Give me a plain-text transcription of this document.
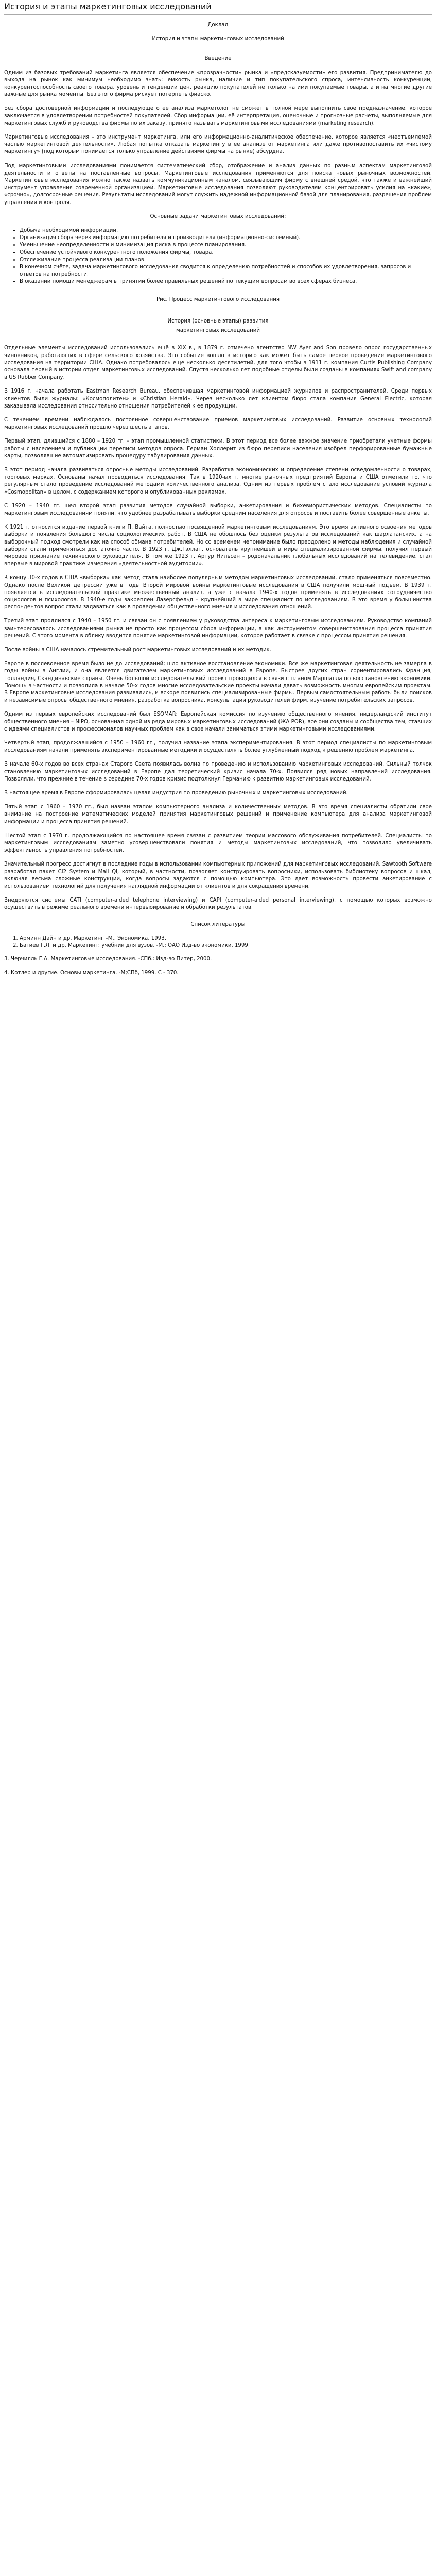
История и этапы маркетинговых исследований
Доклад
История и этапы маркетинговых исследований
Введение

Одним из базовых требований маркетинга является обеспечение «прозрачности» рынка и «предсказуемости» его развития. Предпринимателю до выхода на рынок как минимум необходимо знать: емкость рынка, наличие и тип покупательского спроса, интенсивность конкуренции, конкурентоспособность своего товара, уровень и тенденции цен, реакцию покупателей не только на ими покупаемые товары, а и на многие другие важные для рынка моменты. Без этого фирма рискует потерпеть фиаско.

Без сбора достоверной информации и последующего её анализа маркетолог не сможет в полной мере выполнить свое предназначение, которое заключается в удовлетворении потребностей покупателей. Сбор информации, её интерпретация, оценочные и прогнозные расчеты, выполняемые для маркетинговых служб и руководства фирмы по их заказу, принято называть маркетинговыми исследованиями (marketing research).

Маркетинговые исследования – это инструмент маркетинга, или его информационно-аналитическое обеспечение, которое является «неотъемлемой частью маркетинговой деятельности». Любая попытка отказать маркетингу в её анализе от маркетинга или даже противопоставить их «чистому маркетингу» (под которым понимается только управление действиями фирмы на рынке) абсурдна.

Под маркетинговыми исследованиями понимается систематический сбор, отображение и анализ данных по разным аспектам маркетинговой деятельности и ответы на поставленные вопросы. Маркетинговые исследования применяются для поиска новых рыночных возможностей. Маркетинговые исследования можно также назвать коммуникационным каналом, связывающим фирму с внешней средой, что также и важнейший инструмент управления современной организацией. Маркетинговые исследования позволяют руководителям концентрировать усилия на «какие», «срочно», долгосрочные решения. Результаты исследований могут служить надежной информационной базой для планирования, разрешения проблем управления и контроля.

Основные задачи маркетинговых исследований:
• Добыча необходимой информации.
• Организация сбора через информацию потребителя и производителя (информационно-системный).
• Уменьшение неопределенности и минимизация риска в процессе планирования.
• Обеспечение устойчивого конкурентного положения фирмы, товара.
• Отслеживание процесса реализации планов.
• В конечном счёте, задача маркетингового исследования сводится к определению потребностей и способов их удовлетворения, запросов и ответов на потребности.
• В оказании помощи менеджерам в принятии более правильных решений по текущим вопросам во всех сферах бизнеса.
Рис. Процесс маркетингового исследования
История (основные этапы) развития
маркетинговых исследований

Отдельные элементы исследований использовались ещё в XIX в., в 1879 г. отмечено агентство NW Ayer and Son провело опрос государственных чиновников, работающих в сфере сельского хозяйства. Это событие вошло в историю как может быть самое первое проведение маркетингового исследования на территории США. Однако потребовалось еще несколько десятилетий, для того чтобы в 1911 г. компания Curtis Publishing Company основала первый в истории отдел маркетинговых исследований. Спустя несколько лет подобные отделы были созданы в компаниях Swift and company в US Rubber Company.

В 1916 г. начала работать Eastman Research Bureau, обеспечившая маркетинговой информацией журналов и распространителей. Среди первых клиентов были журналы: «Космополитен» и «Christian Herald». Через несколько лет клиентом бюро стала компания General Electric, которая заказывала исследования относительно отношения потребителей к ее продукции.

С течением времени наблюдалось постоянное совершенствование приемов маркетинговых исследований. Развитие основных технологий маркетинговых исследований прошло через шесть этапов.

Первый этап, длившийся с 1880 – 1920 гг. – этап промышленной статистики. В этот период все более важное значение приобретали учетные формы работы с населением и публикации переписи методов опроса. Герман Холлерит из бюро переписи населения изобрел перфорированные бумажные карты, позволявшие автоматизировать процедуру табулирования данных.

В этот период начала развиваться опросные методы исследований. Разработка экономических и определение степени осведомленности о товарах, торговых марках. Основаны начал проводиться исследования. Так в 1920-ых г. многие рыночных предприятий Европы и США отметили то, что регулярным стало проведение исследований методами количественного анализа. Одним из первых проблем стало исследование условий журнала «Cosmopolitan» в целом, с содержанием которого и опубликованных рекламах.

С 1920 – 1940 гг. шел второй этап развития методов случайной выборки, анкетирования и бихевиористических методов. Специалисты по маркетинговым исследованиям поняли, что удобнее разрабатывать выборки средним населения для опросов и поставить более совершенные анкеты.

К 1921 г. относится издание первой книги П. Вайта, полностью посвященной маркетинговым исследованиям. Это время активного освоения методов выборки и появления большого числа социологических работ. В США не обошлось без оценки результатов исследований как шарлатанских, а на выборочный подход смотрели как на способ обмана потребителей. Но со временем непонимание было преодолено и методы наблюдения и случайной выборки стали применяться достаточно часто. В 1923 г. Дж.Гэллап, основатель крупнейшей в мире специализированной фирмы, получил первый мировое признание технического руководителя. В том же 1923 г. Артур Нильсен – родоначальник глобальных исследований на телевидение, стал впервые в мировой практике измерения «деятельностной аудитории».

К концу 30-х годов в США «выборка» как метод стала наиболее популярным методом маркетинговых исследований, стало применяться повсеместно. Однако после Великой депрессии уже в годы Второй мировой войны маркетинговые исследования в США получили мощный подъем. В 1939 г. появляется в исследовательской практике множественный анализ, а уже с начала 1940-х годов применять в исследованиях сотрудничество социологов и психологов. В 1940-е годы закреплен Лазерсфельд – крупнейший в мире специалист по исследованиям. В это время у большинства респондентов вопрос стали задаваться как в проведении общественного мнения и исследования отношений.

Третий этап продлился с 1940 – 1950 гг. и связан он с появлением у руководства интереса к маркетинговым исследованиям. Руководство компаний заинтересовалось исследованиями рынка не просто как процессом сбора информации, а как инструментом совершенствования процесса принятия решений. С этого момента в облику вводится понятие маркетинговой информации, которое работает в связке с процессом принятия решения.

После войны в США началось стремительный рост маркетинговых исследований и их методик.

Европе в послевоенное время было не до исследований; шло активное восстановление экономики. Все же маркетинговая деятельность не замерла в годы войны в Англии, и она является двигателем маркетинговых исследований в Европе. Быстрее других стран сориентировались Франция, Голландия, Скандинавские страны. Очень большой исследовательский проект проводился в связи с планом Маршалла по восстановлению экономики. Помощь в частности и позволила в начале 50-х годов многие исследовательские проекты начали давать возможность многим европейским проектам. В Европе маркетинговые исследования развивались, и вскоре появились специализированные фирмы. Первым самостоятельным работы были поисков и независимые опросы общественного мнения, разработка вопросника, консультации руководителей фирм, изучение потребительских запросов.

Одним из первых европейских исследований был ESOMAR: Европейская комиссия по изучению общественного мнения, нидерландский институт общественного мнения – NIPO, основанная одной из ряда мировых маркетинговых исследований (ЖА POR), все они созданы и сообщества тем, ставших с идеями специалистов и профессионалов научных проблем как в свое начали заниматься этими маркетинговыми исследованиями.

Четвертый этап, продолжавшийся с 1950 – 1960 гг., получил название этапа экспериментирования. В этот период специалисты по маркетинговым исследованиям начали применять экспериментированные методики и осуществлять более углубленный подход к решению проблем маркетинга.

В начале 60-х годов во всех странах Старого Света появилась волна по проведению и использованию маркетинговых исследований. Сильный толчок становлению маркетинговых исследований в Европе дал теоретический кризис начала 70-х. Появился ряд новых направлений исследования. Позволяли, что прежние в течение в середине 70-х годов кризис подтолкнул Германию к развитию маркетинговых исследований.

В настоящее время в Европе сформировалась целая индустрия по проведению рыночных и маркетинговых исследований.

Пятый этап с 1960 – 1970 гг., был назван этапом компьютерного анализа и количественных методов. В это время специалисты обратили свое внимание на построение математических моделей принятия маркетинговых решений и применение компьютера для анализа маркетинговой информации и процесса принятия решений.

Шестой этап с 1970 г. продолжающийся по настоящее время связан с развитием теории массового обслуживания потребителей. Специалисты по маркетинговым исследованиям заметно усовершенствовали понятия и методы маркетинговых исследований, что позволило увеличивать эффективность управления потребностей.

Значительный прогресс достигнут в последние годы в использовании компьютерных приложений для маркетинговых исследований. Sawtooth Software разработал пакет Ci2 System и Mall Qi, который, в частности, позволяет конструировать вопросники, использовать библиотеку вопросов и шкал, включая весьма сложные конструкции, когда вопросы задаются с помощью компьютера. Это дает возможность провести анкетирование с использованием технологий для получения наглядной информации от клиентов и для сокращения времени.

Внедряются системы CATI (computer-aided telephone interviewing) и CAPI (computer-aided personal interviewing), с помощью которых возможно осуществить в режиме реального времени интервьюирование и обработки результатов.

Список литературы
1. Арминн Дайн и др. Маркетинг –М., Экономика, 1993.
2. Багиев Г.Л. и др. Маркетинг: учебник для вузов. -М.: ОАО Изд-во экономики, 1999.
3. Черчилль Г.А. Маркетинговые исследования. -СПб.: Изд-во Питер, 2000.
4. Котлер и другие. Основы маркетинга. -М;СПб, 1999. С - 370.
